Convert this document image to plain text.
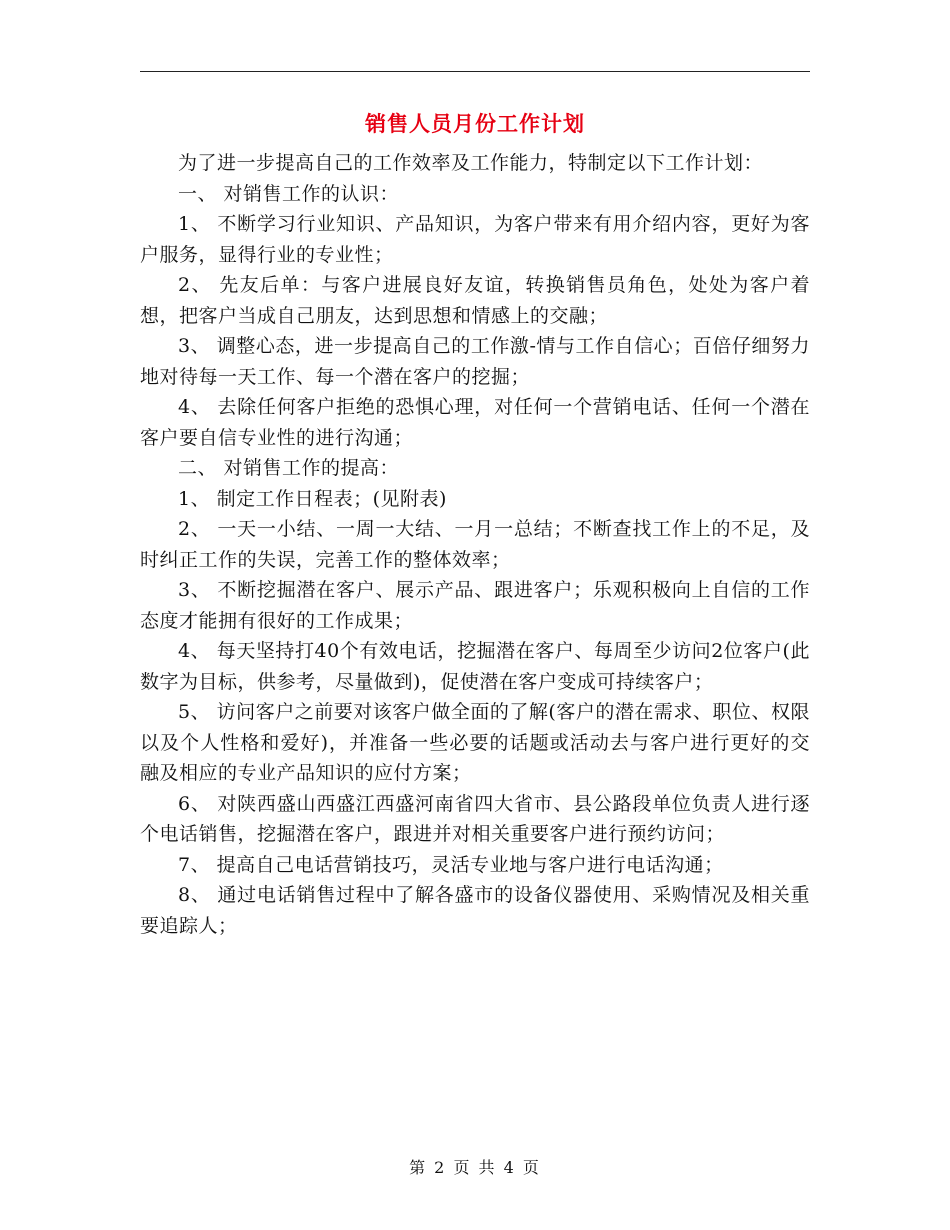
销售人员月份工作计划

为了进一步提高自己的工作效率及工作能力，特制定以下工作计划：

一、 对销售工作的认识：

1、 不断学习行业知识、产品知识，为客户带来有用介绍内容，更好为客户服务，显得行业的专业性；

2、 先友后单：与客户进展良好友谊，转换销售员角色，处处为客户着想，把客户当成自己朋友，达到思想和情感上的交融；

3、 调整心态，进一步提高自己的工作激-情与工作自信心；百倍仔细努力地对待每一天工作、每一个潜在客户的挖掘；

4、 去除任何客户拒绝的恐惧心理，对任何一个营销电话、任何一个潜在客户要自信专业性的进行沟通；

二、 对销售工作的提高：

1、 制定工作日程表；(见附表)

2、 一天一小结、一周一大结、一月一总结；不断查找工作上的不足，及时纠正工作的失误，完善工作的整体效率；

3、 不断挖掘潜在客户、展示产品、跟进客户；乐观积极向上自信的工作态度才能拥有很好的工作成果；

4、 每天坚持打40个有效电话，挖掘潜在客户、每周至少访问2位客户(此数字为目标，供参考，尽量做到)，促使潜在客户变成可持续客户；

5、 访问客户之前要对该客户做全面的了解(客户的潜在需求、职位、权限以及个人性格和爱好)，并准备一些必要的话题或活动去与客户进行更好的交融及相应的专业产品知识的应付方案；

6、 对陕西盛山西盛江西盛河南省四大省市、县公路段单位负责人进行逐个电话销售，挖掘潜在客户，跟进并对相关重要客户进行预约访问；

7、 提高自己电话营销技巧，灵活专业地与客户进行电话沟通；

8、 通过电话销售过程中了解各盛市的设备仪器使用、采购情况及相关重要追踪人；

第 2 页 共 4 页
